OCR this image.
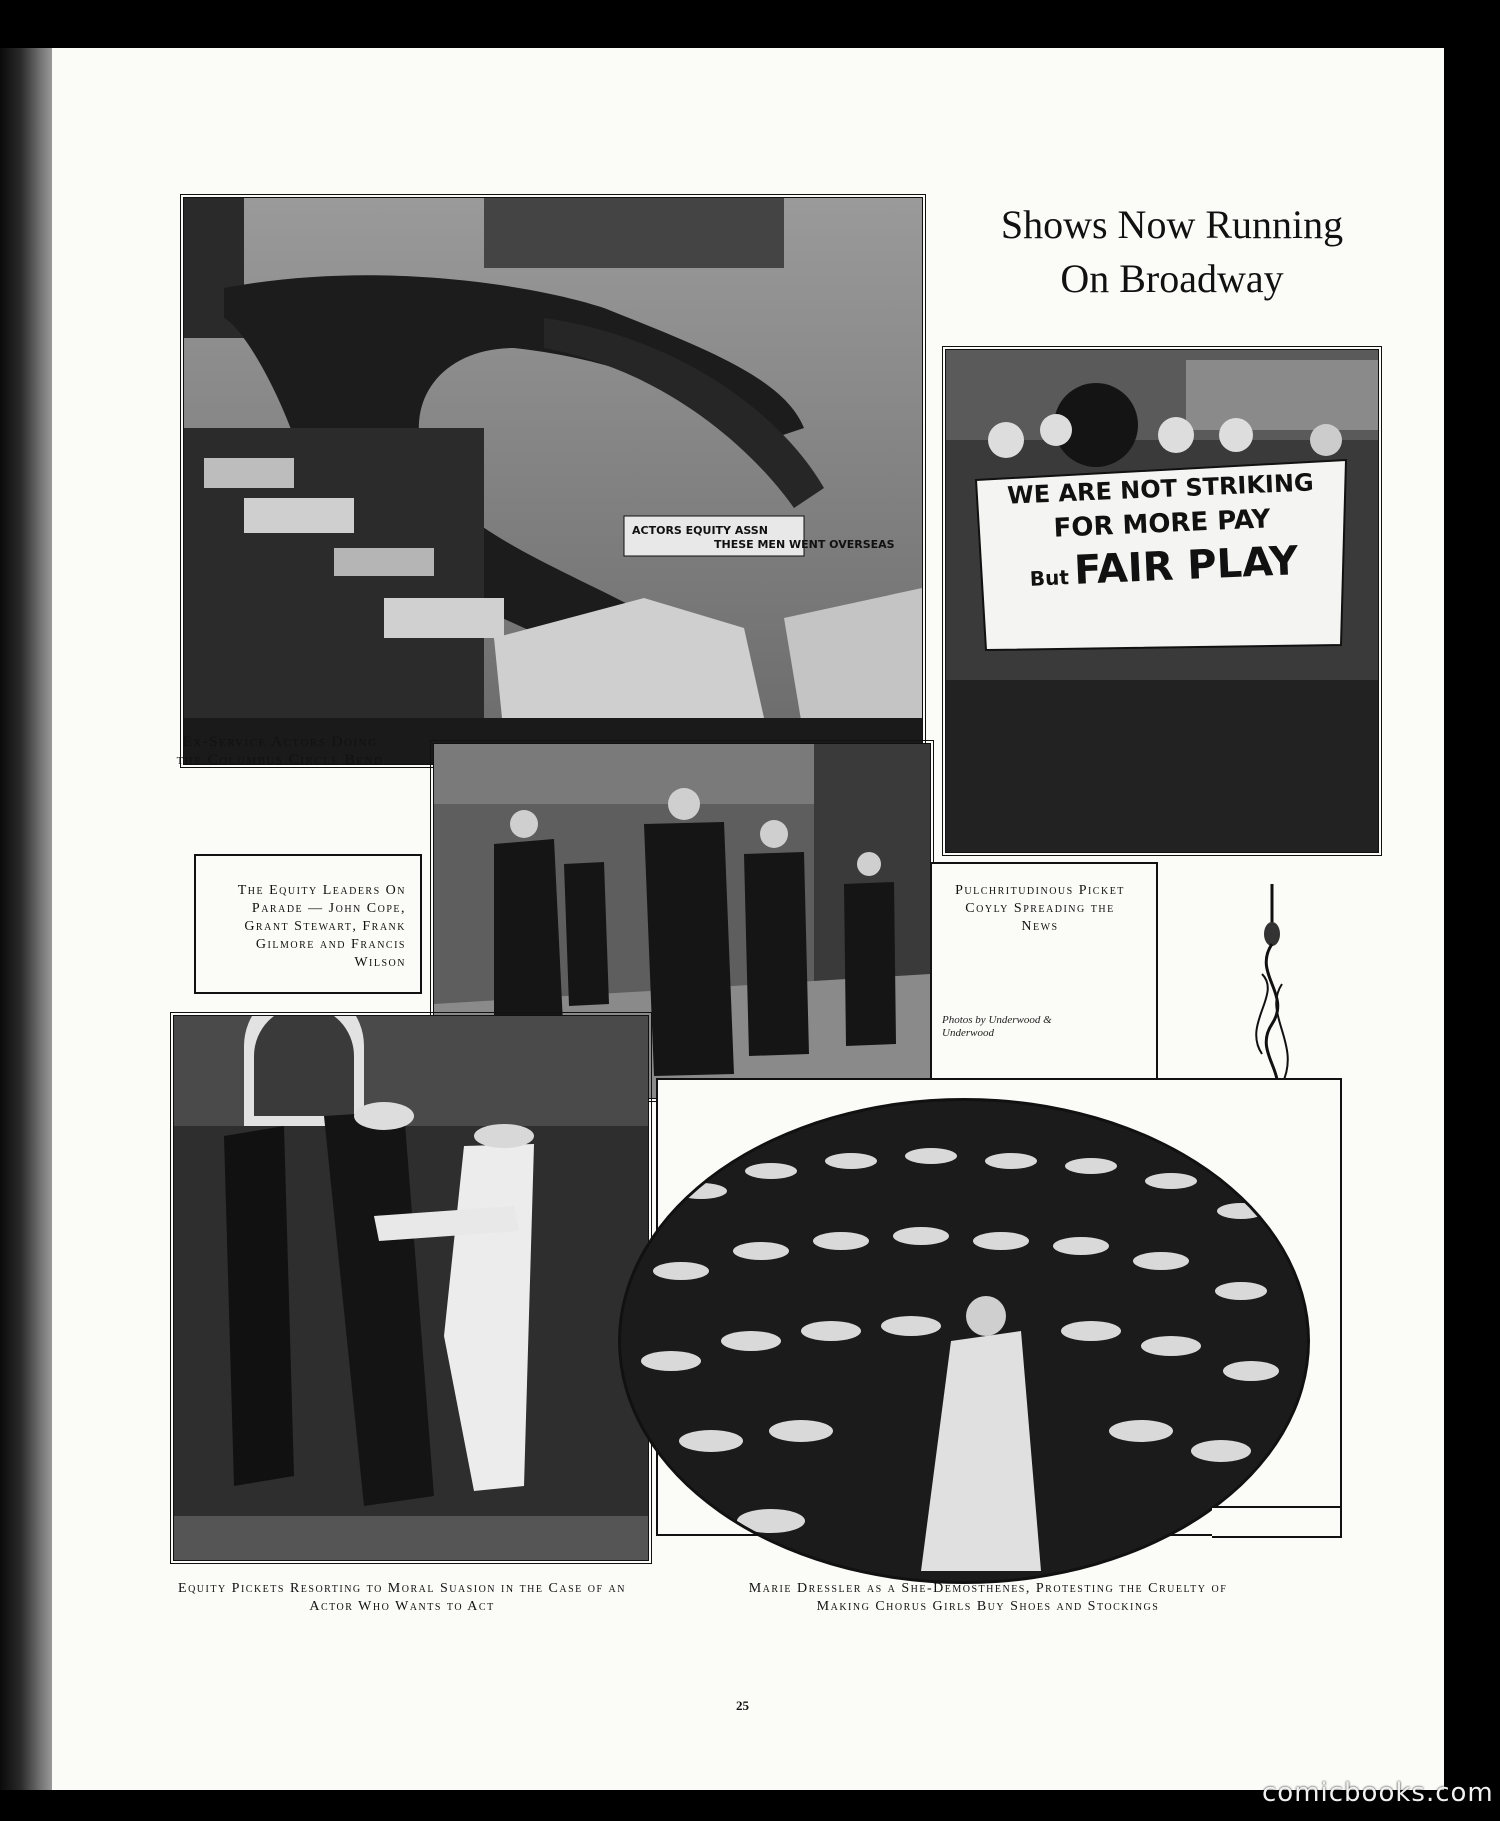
ACTORS EQUITY ASSN
THESE MEN WENT OVERSEAS
Shows Now Running
On Broadway
WE ARE NOT STRIKING
FOR MORE PAY
But FAIR PLAY
Ex-Service Actors Doing the Columbus Circle Bend
The Equity Leaders On Parade — John Cope, Grant Stewart, Frank Gilmore and Francis Wilson
Pulchritudinous Picket Coyly Spreading the News
Photos by Underwood & Underwood
Equity Pickets Resorting to Moral Suasion in the Case of an Actor Who Wants to Act
Marie Dressler as a She-Demosthenes, Protesting the Cruelty of Making Chorus Girls Buy Shoes and Stockings
25
comicbooks.com
